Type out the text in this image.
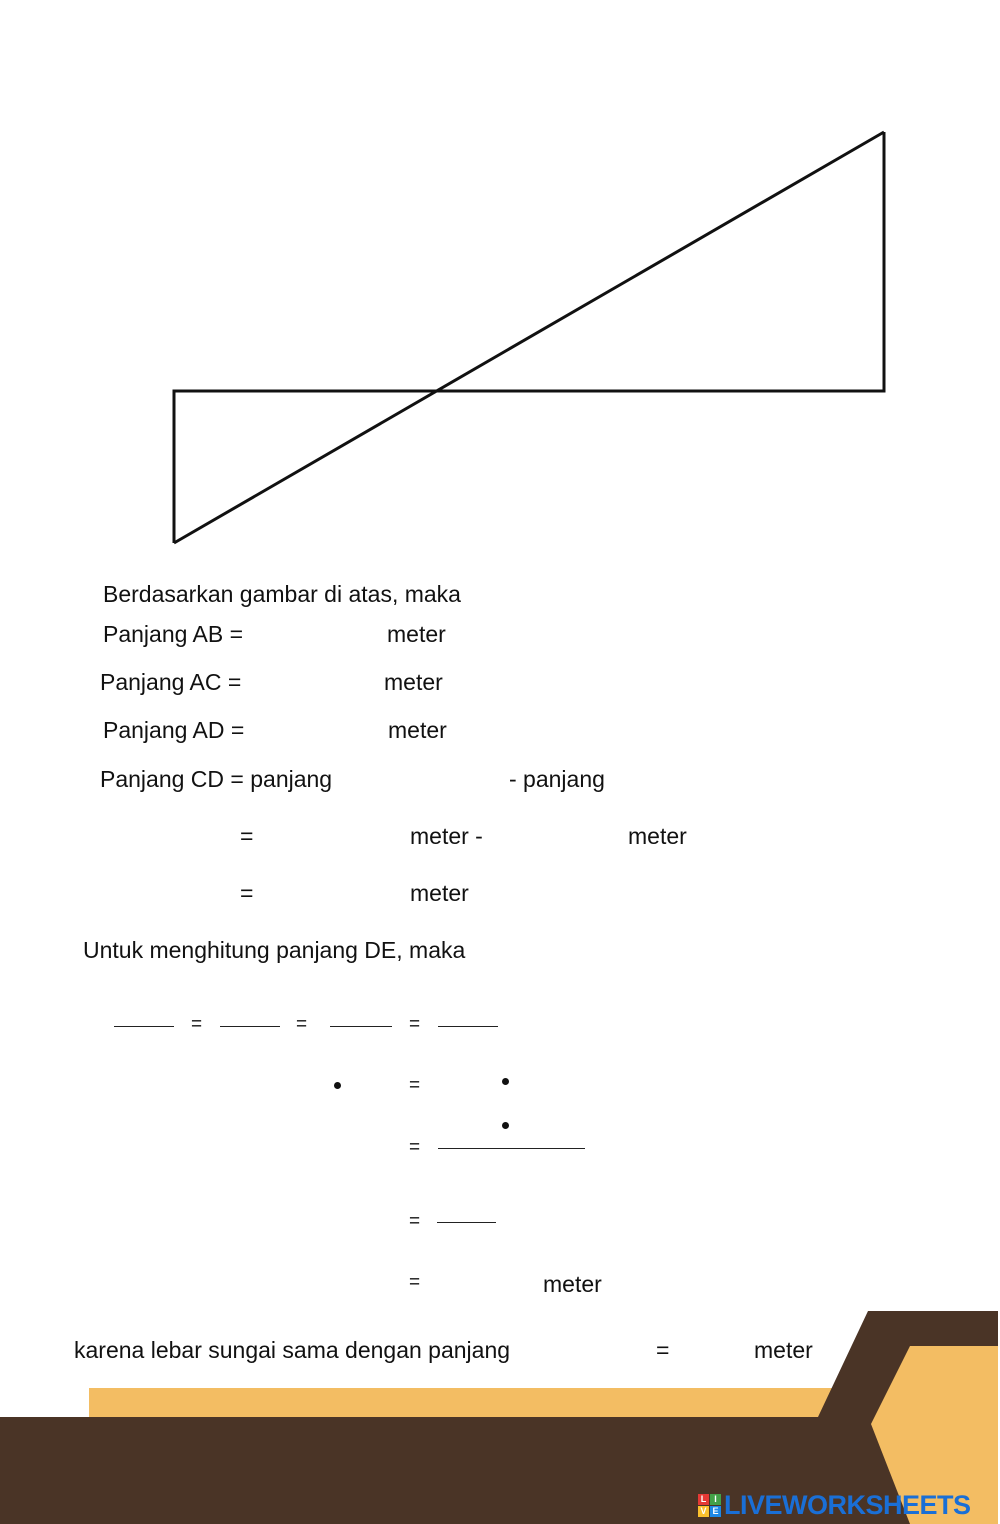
Berdasarkan gambar di atas, maka
Panjang AB =	meter
Panjang AC =	meter
Panjang AD =	meter
Panjang CD = panjang	- panjang
=	meter -	meter
=	meter
Untuk menghitung panjang DE, maka
=	=	=
=
=
=
=	meter
karena lebar sungai sama dengan panjang	=	meter
L I
V E LIVEWORKSHEETS
